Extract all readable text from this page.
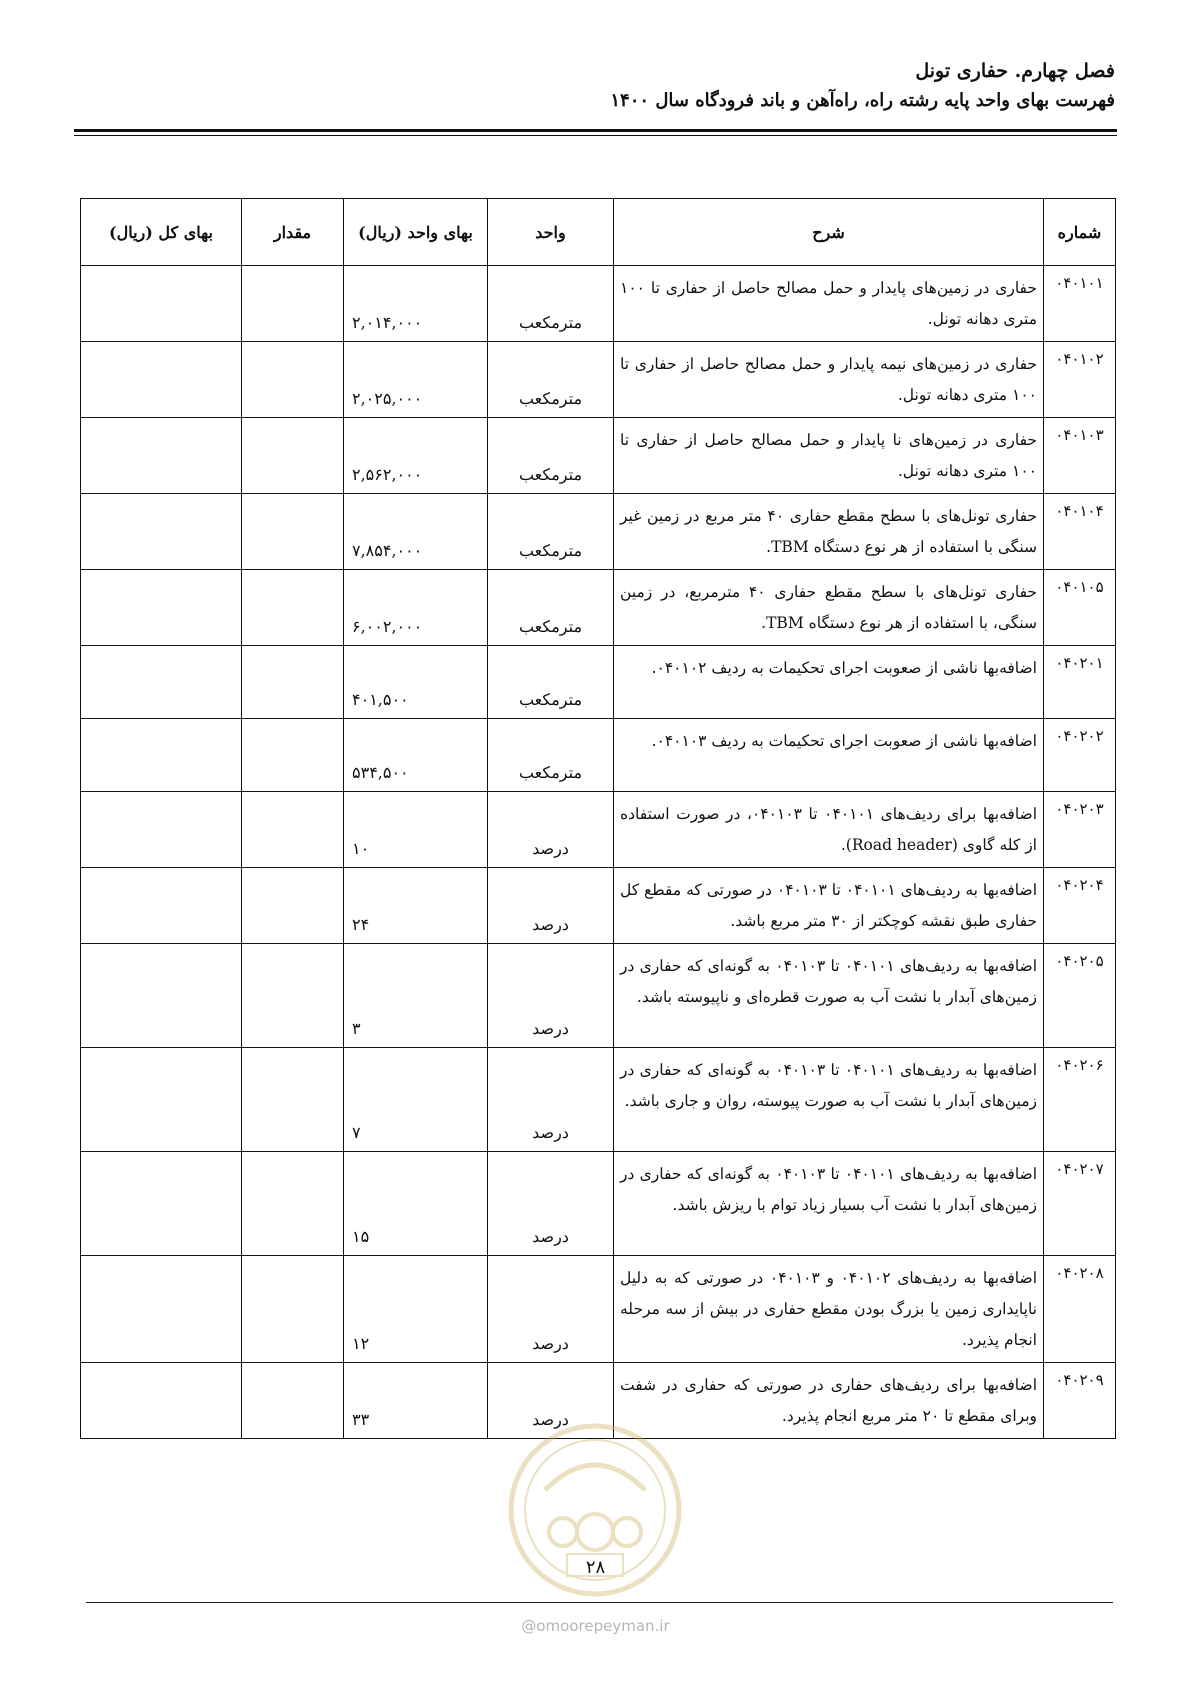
فصل چهارم. حفاری تونل
فهرست بهای واحد پایه رشته راه، راه‌آهن و باند فرودگاه سال ۱۴۰۰
شماره	شرح	واحد	بهای واحد (ریال)	مقدار	بهای کل (ریال)
۰۴۰۱۰۱	حفاری در زمین‌های پایدار و حمل مصالح حاصل از حفاری تا ۱۰۰ متری دهانه تونل.	مترمکعب	۲,۰۱۴,۰۰۰		
۰۴۰۱۰۲	حفاری در زمین‌های نیمه پایدار و حمل مصالح حاصل از حفاری تا ۱۰۰ متری دهانه تونل.	مترمکعب	۲,۰۲۵,۰۰۰		
۰۴۰۱۰۳	حفاری در زمین‌های نا پایدار و حمل مصالح حاصل از حفاری تا ۱۰۰ متری دهانه تونل.	مترمکعب	۲,۵۶۲,۰۰۰		
۰۴۰۱۰۴	حفاری تونل‌های با سطح مقطع حفاری ۴۰ متر مربع در زمین غیر سنگی با استفاده از هر نوع دستگاه TBM.	مترمکعب	۷,۸۵۴,۰۰۰		
۰۴۰۱۰۵	حفاری تونل‌های با سطح مقطع حفاری ۴۰ مترمربع، در زمین سنگی، با استفاده از هر نوع دستگاه TBM.	مترمکعب	۶,۰۰۲,۰۰۰		
۰۴۰۲۰۱	اضافه‌بها ناشی از صعوبت اجرای تحکیمات به ردیف ۰۴۰۱۰۲.	مترمکعب	۴۰۱,۵۰۰		
۰۴۰۲۰۲	اضافه‌بها ناشی از صعوبت اجرای تحکیمات به ردیف ۰۴۰۱۰۳.	مترمکعب	۵۳۴,۵۰۰		
۰۴۰۲۰۳	اضافه‌بها برای ردیف‌های ۰۴۰۱۰۱ تا ۰۴۰۱۰۳، در صورت استفاده از کله گاوی (Road header).	درصد	۱۰		
۰۴۰۲۰۴	اضافه‌بها به ردیف‌های ۰۴۰۱۰۱ تا ۰۴۰۱۰۳ در صورتی که مقطع کل حفاری طبق نقشه کوچکتر از ۳۰ متر مربع باشد.	درصد	۲۴		
۰۴۰۲۰۵	اضافه‌بها به ردیف‌های ۰۴۰۱۰۱ تا ۰۴۰۱۰۳ به گونه‌ای که حفاری در زمین‌های آبدار با نشت آب به صورت قطره‌ای و ناپیوسته باشد.	درصد	۳		
۰۴۰۲۰۶	اضافه‌بها به ردیف‌های ۰۴۰۱۰۱ تا ۰۴۰۱۰۳ به گونه‌ای که حفاری در زمین‌های آبدار با نشت آب به صورت پیوسته، روان و جاری باشد.	درصد	۷		
۰۴۰۲۰۷	اضافه‌بها به ردیف‌های ۰۴۰۱۰۱ تا ۰۴۰۱۰۳ به گونه‌ای که حفاری در زمین‌های آبدار با نشت آب بسیار زیاد توام با ریزش باشد.	درصد	۱۵		
۰۴۰۲۰۸	اضافه‌بها به ردیف‌های ۰۴۰۱۰۲ و ۰۴۰۱۰۳ در صورتی که به دلیل ناپایداری زمین یا بزرگ بودن مقطع حفاری در بیش از سه مرحله انجام پذیرد.	درصد	۱۲		
۰۴۰۲۰۹	اضافه‌بها برای ردیف‌های حفاری در صورتی که حفاری در شفت وبرای مقطع تا ۲۰ متر مربع انجام پذیرد.	درصد	۳۳		
۲۸
@omoorepeyman.ir
